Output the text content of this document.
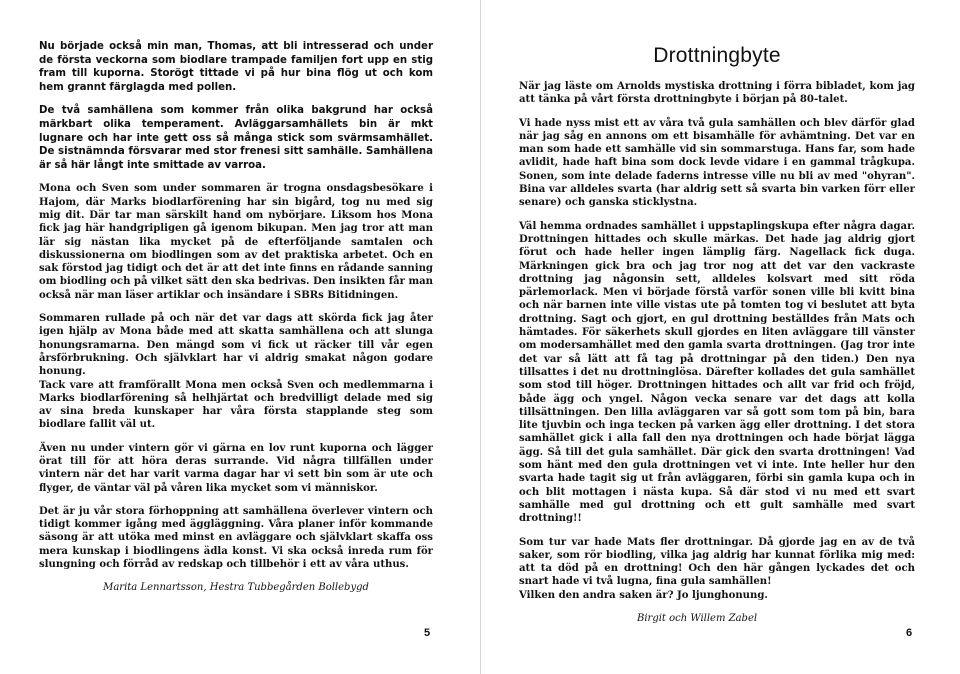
Nu började också min man, Thomas, att bli intresserad och under de första veckorna som biodlare trampade familjen fort upp en stig fram till kuporna. Storögt tittade vi på hur bina flög ut och kom hem grannt färglagda med pollen.

De två samhällena som kommer från olika bakgrund har också märkbart olika temperament. Avläggarsamhällets bin är mkt lugnare och har inte gett oss så många stick som svärmsamhället. De sistnämnda försvarar med stor frenesi sitt samhälle. Samhällena är så här långt inte smittade av varroa.

Mona och Sven som under sommaren är trogna onsdagsbesökare i Hajom, där Marks biodlarförening har sin bigård, tog nu med sig mig dit. Där tar man särskilt hand om nybörjare. Liksom hos Mona fick jag här handgripligen gå igenom bikupan. Men jag tror att man lär sig nästan lika mycket på de efterföljande samtalen och diskussionerna om biodlingen som av det praktiska arbetet. Och en sak förstod jag tidigt och det är att det inte finns en rådande sanning om biodling och på vilket sätt den ska bedrivas. Den insikten får man också när man läser artiklar och insändare i SBRs Bitidningen.

Sommaren rullade på och när det var dags att skörda fick jag åter igen hjälp av Mona både med att skatta samhällena och att slunga honungsramarna. Den mängd som vi fick ut räcker till vår egen årsförbrukning. Och självklart har vi aldrig smakat någon godare honung.

Tack vare att framförallt Mona men också Sven och medlemmarna i Marks biodlarförening så helhjärtat och bredvilligt delade med sig av sina breda kunskaper har våra första stapplande steg som biodlare fallit väl ut.

Även nu under vintern gör vi gärna en lov runt kuporna och lägger örat till för att höra deras surrande. Vid några tillfällen under vintern när det har varit varma dagar har vi sett bin som är ute och flyger, de väntar väl på våren lika mycket som vi människor.

Det är ju vår stora förhoppning att samhällena överlever vintern och tidigt kommer igång med äggläggning. Våra planer inför kommande säsong är att utöka med minst en avläggare och självklart skaffa oss mera kunskap i biodlingens ädla konst. Vi ska också inreda rum för slungning och förråd av redskap och tillbehör i ett av våra uthus.

Marita Lennartsson, Hestra Tubbegården Bollebygd

5
Drottningbyte

När jag läste om Arnolds mystiska drottning i förra bibladet, kom jag att tänka på vårt första drottningbyte i början på 80-talet.

Vi hade nyss mist ett av våra två gula samhällen och blev därför glad när jag såg en annons om ett bisamhälle för avhämtning. Det var en man som hade ett samhälle vid sin sommarstuga. Hans far, som hade avlidit, hade haft bina som dock levde vidare i en gammal trågkupa. Sonen, som inte delade faderns intresse ville nu bli av med "ohyran". Bina var alldeles svarta (har aldrig sett så svarta bin varken förr eller senare) och ganska sticklystna.

Väl hemma ordnades samhället i uppstaplingskupa efter några dagar. Drottningen hittades och skulle märkas. Det hade jag aldrig gjort förut och hade heller ingen lämplig färg. Nagellack fick duga. Märkningen gick bra och jag tror nog att det var den vackraste drottning jag någonsin sett, alldeles kolsvart med sitt röda pärlemorlack. Men vi började förstå varför sonen ville bli kvitt bina och när barnen inte ville vistas ute på tomten tog vi beslutet att byta drottning. Sagt och gjort, en gul drottning beställdes från Mats och hämtades. För säkerhets skull gjordes en liten avläggare till vänster om modersamhället med den gamla svarta drottningen. (Jag tror inte det var så lätt att få tag på drottningar på den tiden.) Den nya tillsattes i det nu drottninglösa. Därefter kollades det gula samhället som stod till höger. Drottningen hittades och allt var frid och fröjd, både ägg och yngel. Någon vecka senare var det dags att kolla tillsättningen. Den lilla avläggaren var så gott som tom på bin, bara lite tjuvbin och inga tecken på varken ägg eller drottning. I det stora samhället gick i alla fall den nya drottningen och hade börjat lägga ägg. Så till det gula samhället. Där gick den svarta drottningen! Vad som hänt med den gula drottningen vet vi inte. Inte heller hur den svarta hade tagit sig ut från avläggaren, förbi sin gamla kupa och in och blit mottagen i nästa kupa. Så där stod vi nu med ett svart samhälle med gul drottning och ett gult samhälle med svart drottning!!

Som tur var hade Mats fler drottningar. Då gjorde jag en av de två saker, som rör biodling, vilka jag aldrig har kunnat förlika mig med: att ta död på en drottning! Och den här gången lyckades det och snart hade vi två lugna, fina gula samhällen!

Vilken den andra saken är? Jo ljunghonung.

Birgit och Willem Zabel

6
